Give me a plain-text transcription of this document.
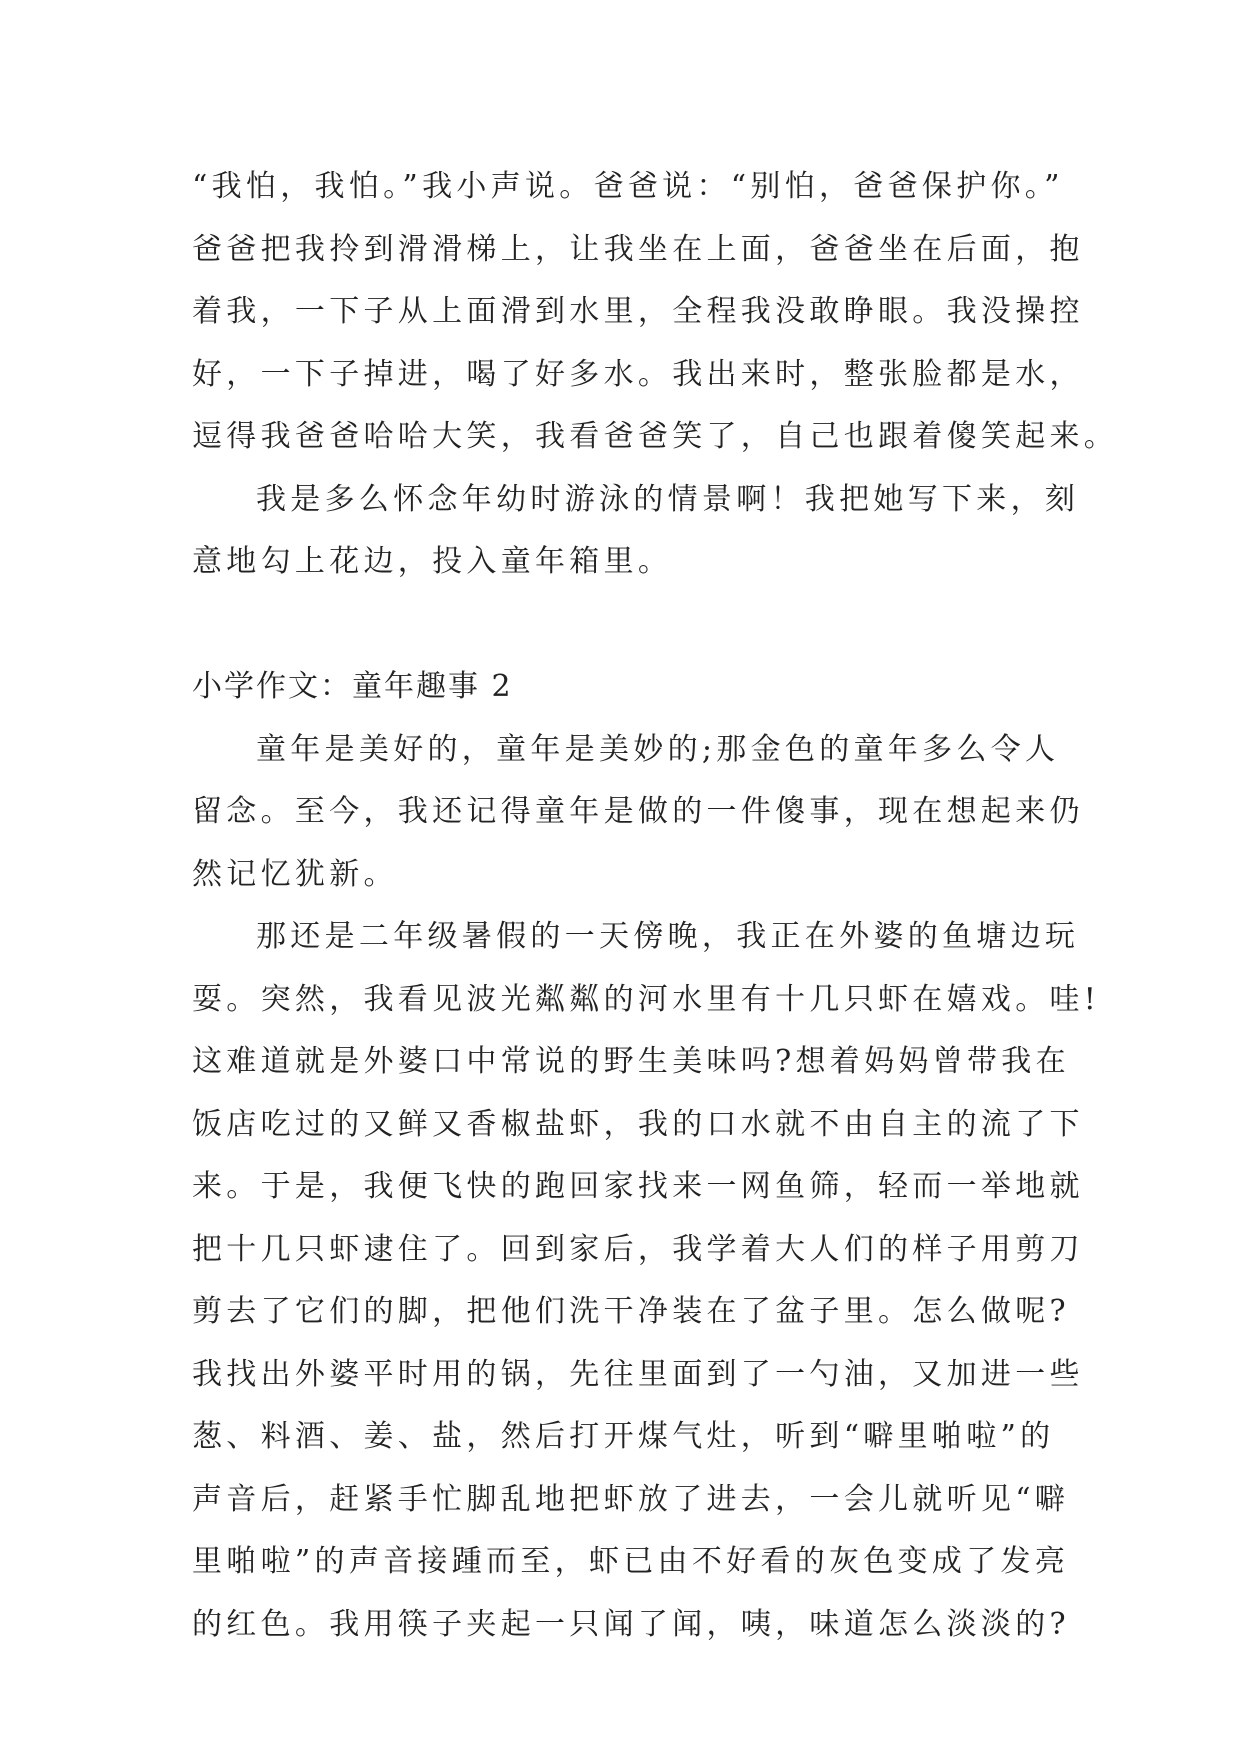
“我怕，我怕。”我小声说。爸爸说：“别怕，爸爸保护你。”
爸爸把我拎到滑滑梯上，让我坐在上面，爸爸坐在后面，抱
着我，一下子从上面滑到水里，全程我没敢睁眼。我没操控
好，一下子掉进，喝了好多水。我出来时，整张脸都是水，
逗得我爸爸哈哈大笑，我看爸爸笑了，自己也跟着傻笑起来。
我是多么怀念年幼时游泳的情景啊！我把她写下来，刻
意地勾上花边，投入童年箱里。
小学作文：童年趣事 2
童年是美好的，童年是美妙的;那金色的童年多么令人
留念。至今，我还记得童年是做的一件傻事，现在想起来仍
然记忆犹新。
那还是二年级暑假的一天傍晚，我正在外婆的鱼塘边玩
耍。突然，我看见波光粼粼的河水里有十几只虾在嬉戏。哇!
这难道就是外婆口中常说的野生美味吗?想着妈妈曾带我在
饭店吃过的又鲜又香椒盐虾，我的口水就不由自主的流了下
来。于是，我便飞快的跑回家找来一网鱼筛，轻而一举地就
把十几只虾逮住了。回到家后，我学着大人们的样子用剪刀
剪去了它们的脚，把他们洗干净装在了盆子里。怎么做呢?
我找出外婆平时用的锅，先往里面到了一勺油，又加进一些
葱、料酒、姜、盐，然后打开煤气灶，听到“噼里啪啦”的
声音后，赶紧手忙脚乱地把虾放了进去，一会儿就听见“噼
里啪啦”的声音接踵而至，虾已由不好看的灰色变成了发亮
的红色。我用筷子夹起一只闻了闻，咦，味道怎么淡淡的?
